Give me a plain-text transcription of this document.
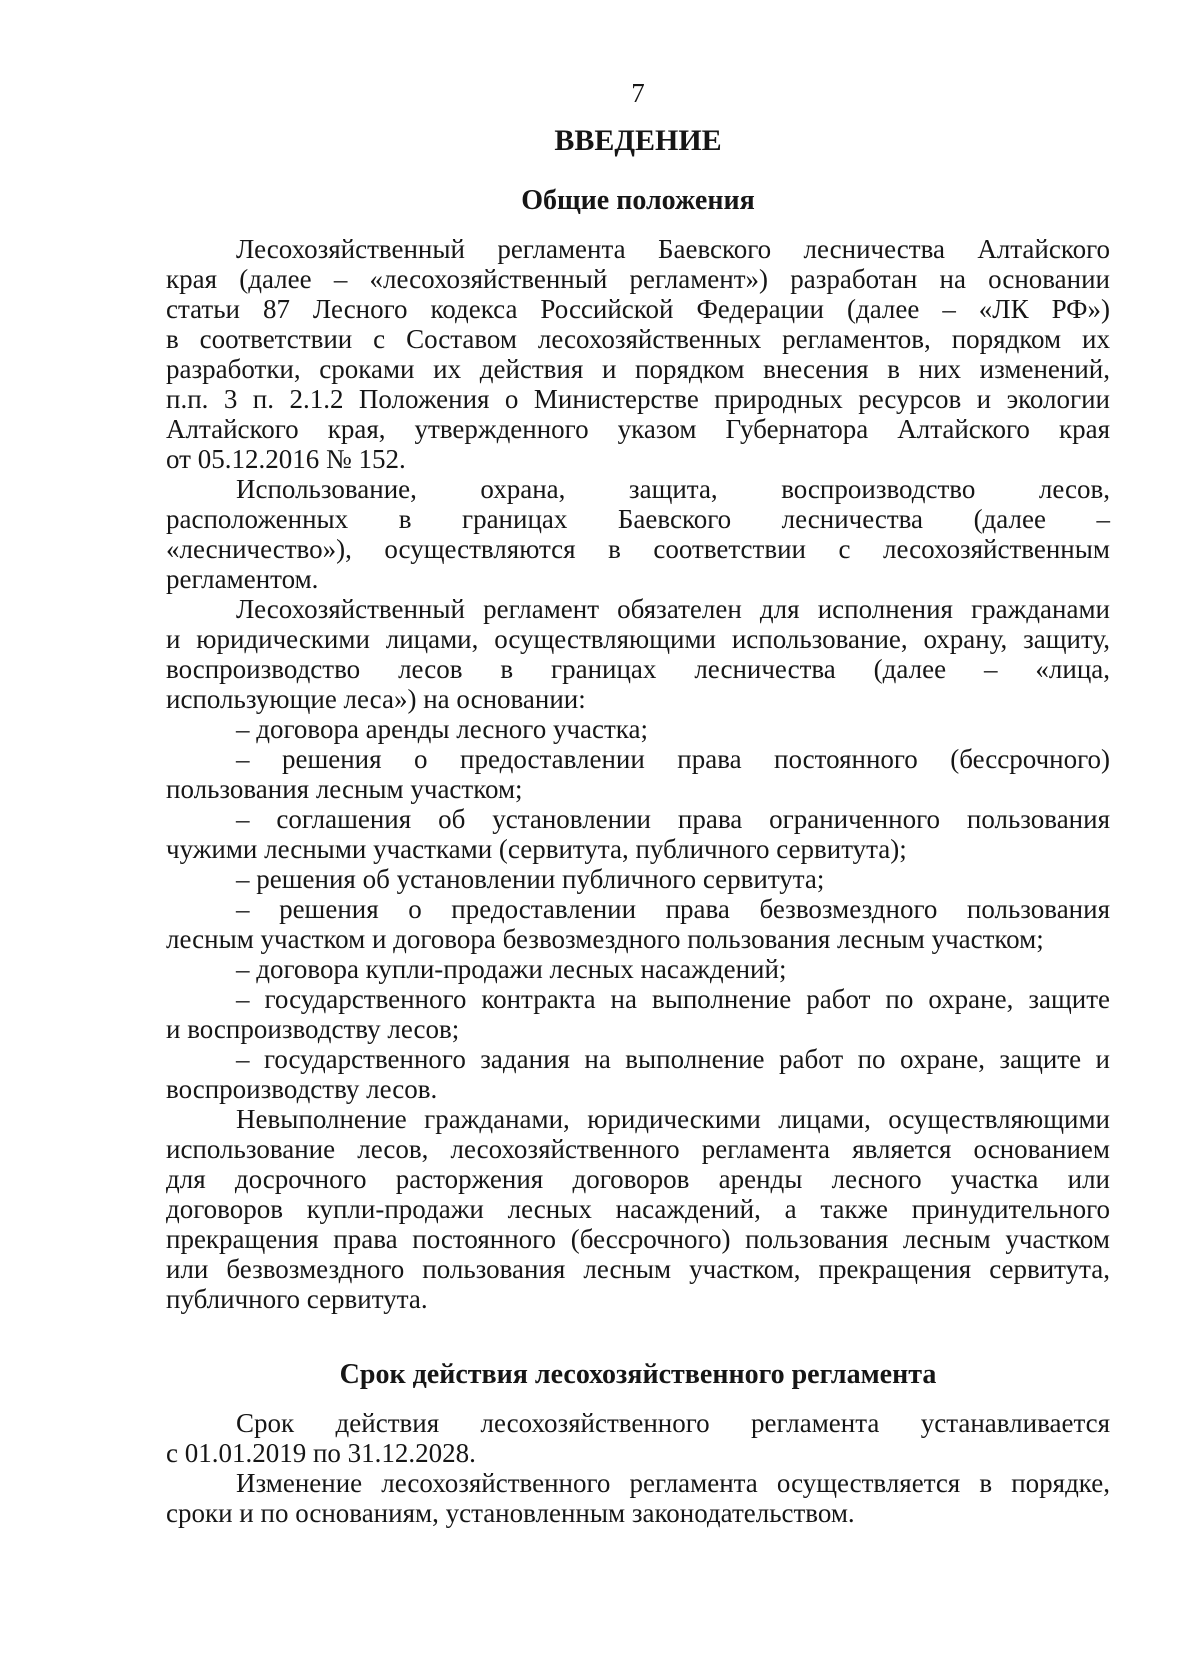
7
ВВЕДЕНИЕ
Общие положения
Лесохозяйственный регламента Баевского лесничества Алтайского
края (далее – «лесохозяйственный регламент») разработан на основании
статьи 87 Лесного кодекса Российской Федерации (далее – «ЛК РФ»)
в соответствии с Составом лесохозяйственных регламентов, порядком их
разработки, сроками их действия и порядком внесения в них изменений,
п.п. 3 п. 2.1.2 Положения о Министерстве природных ресурсов и экологии
Алтайского края, утвержденного указом Губернатора Алтайского края
от 05.12.2016 № 152.
Использование, охрана, защита, воспроизводство лесов,
расположенных в границах Баевского лесничества (далее –
«лесничество»), осуществляются в соответствии с лесохозяйственным
регламентом.
Лесохозяйственный регламент обязателен для исполнения гражданами
и юридическими лицами, осуществляющими использование, охрану, защиту,
воспроизводство лесов в границах лесничества (далее – «лица,
использующие леса») на основании:
– договора аренды лесного участка;
– решения о предоставлении права постоянного (бессрочного)
пользования лесным участком;
– соглашения об установлении права ограниченного пользования
чужими лесными участками (сервитута, публичного сервитута);
– решения об установлении публичного сервитута;
– решения о предоставлении права безвозмездного пользования
лесным участком и договора безвозмездного пользования лесным участком;
– договора купли-продажи лесных насаждений;
– государственного контракта на выполнение работ по охране, защите
и воспроизводству лесов;
– государственного задания на выполнение работ по охране, защите и
воспроизводству лесов.
Невыполнение гражданами, юридическими лицами, осуществляющими
использование лесов, лесохозяйственного регламента является основанием
для досрочного расторжения договоров аренды лесного участка или
договоров купли-продажи лесных насаждений, а также принудительного
прекращения права постоянного (бессрочного) пользования лесным участком
или безвозмездного пользования лесным участком, прекращения сервитута,
публичного сервитута.
Срок действия лесохозяйственного регламента
Срок действия лесохозяйственного регламента устанавливается
с 01.01.2019 по 31.12.2028.
Изменение лесохозяйственного регламента осуществляется в порядке,
сроки и по основаниям, установленным законодательством.
